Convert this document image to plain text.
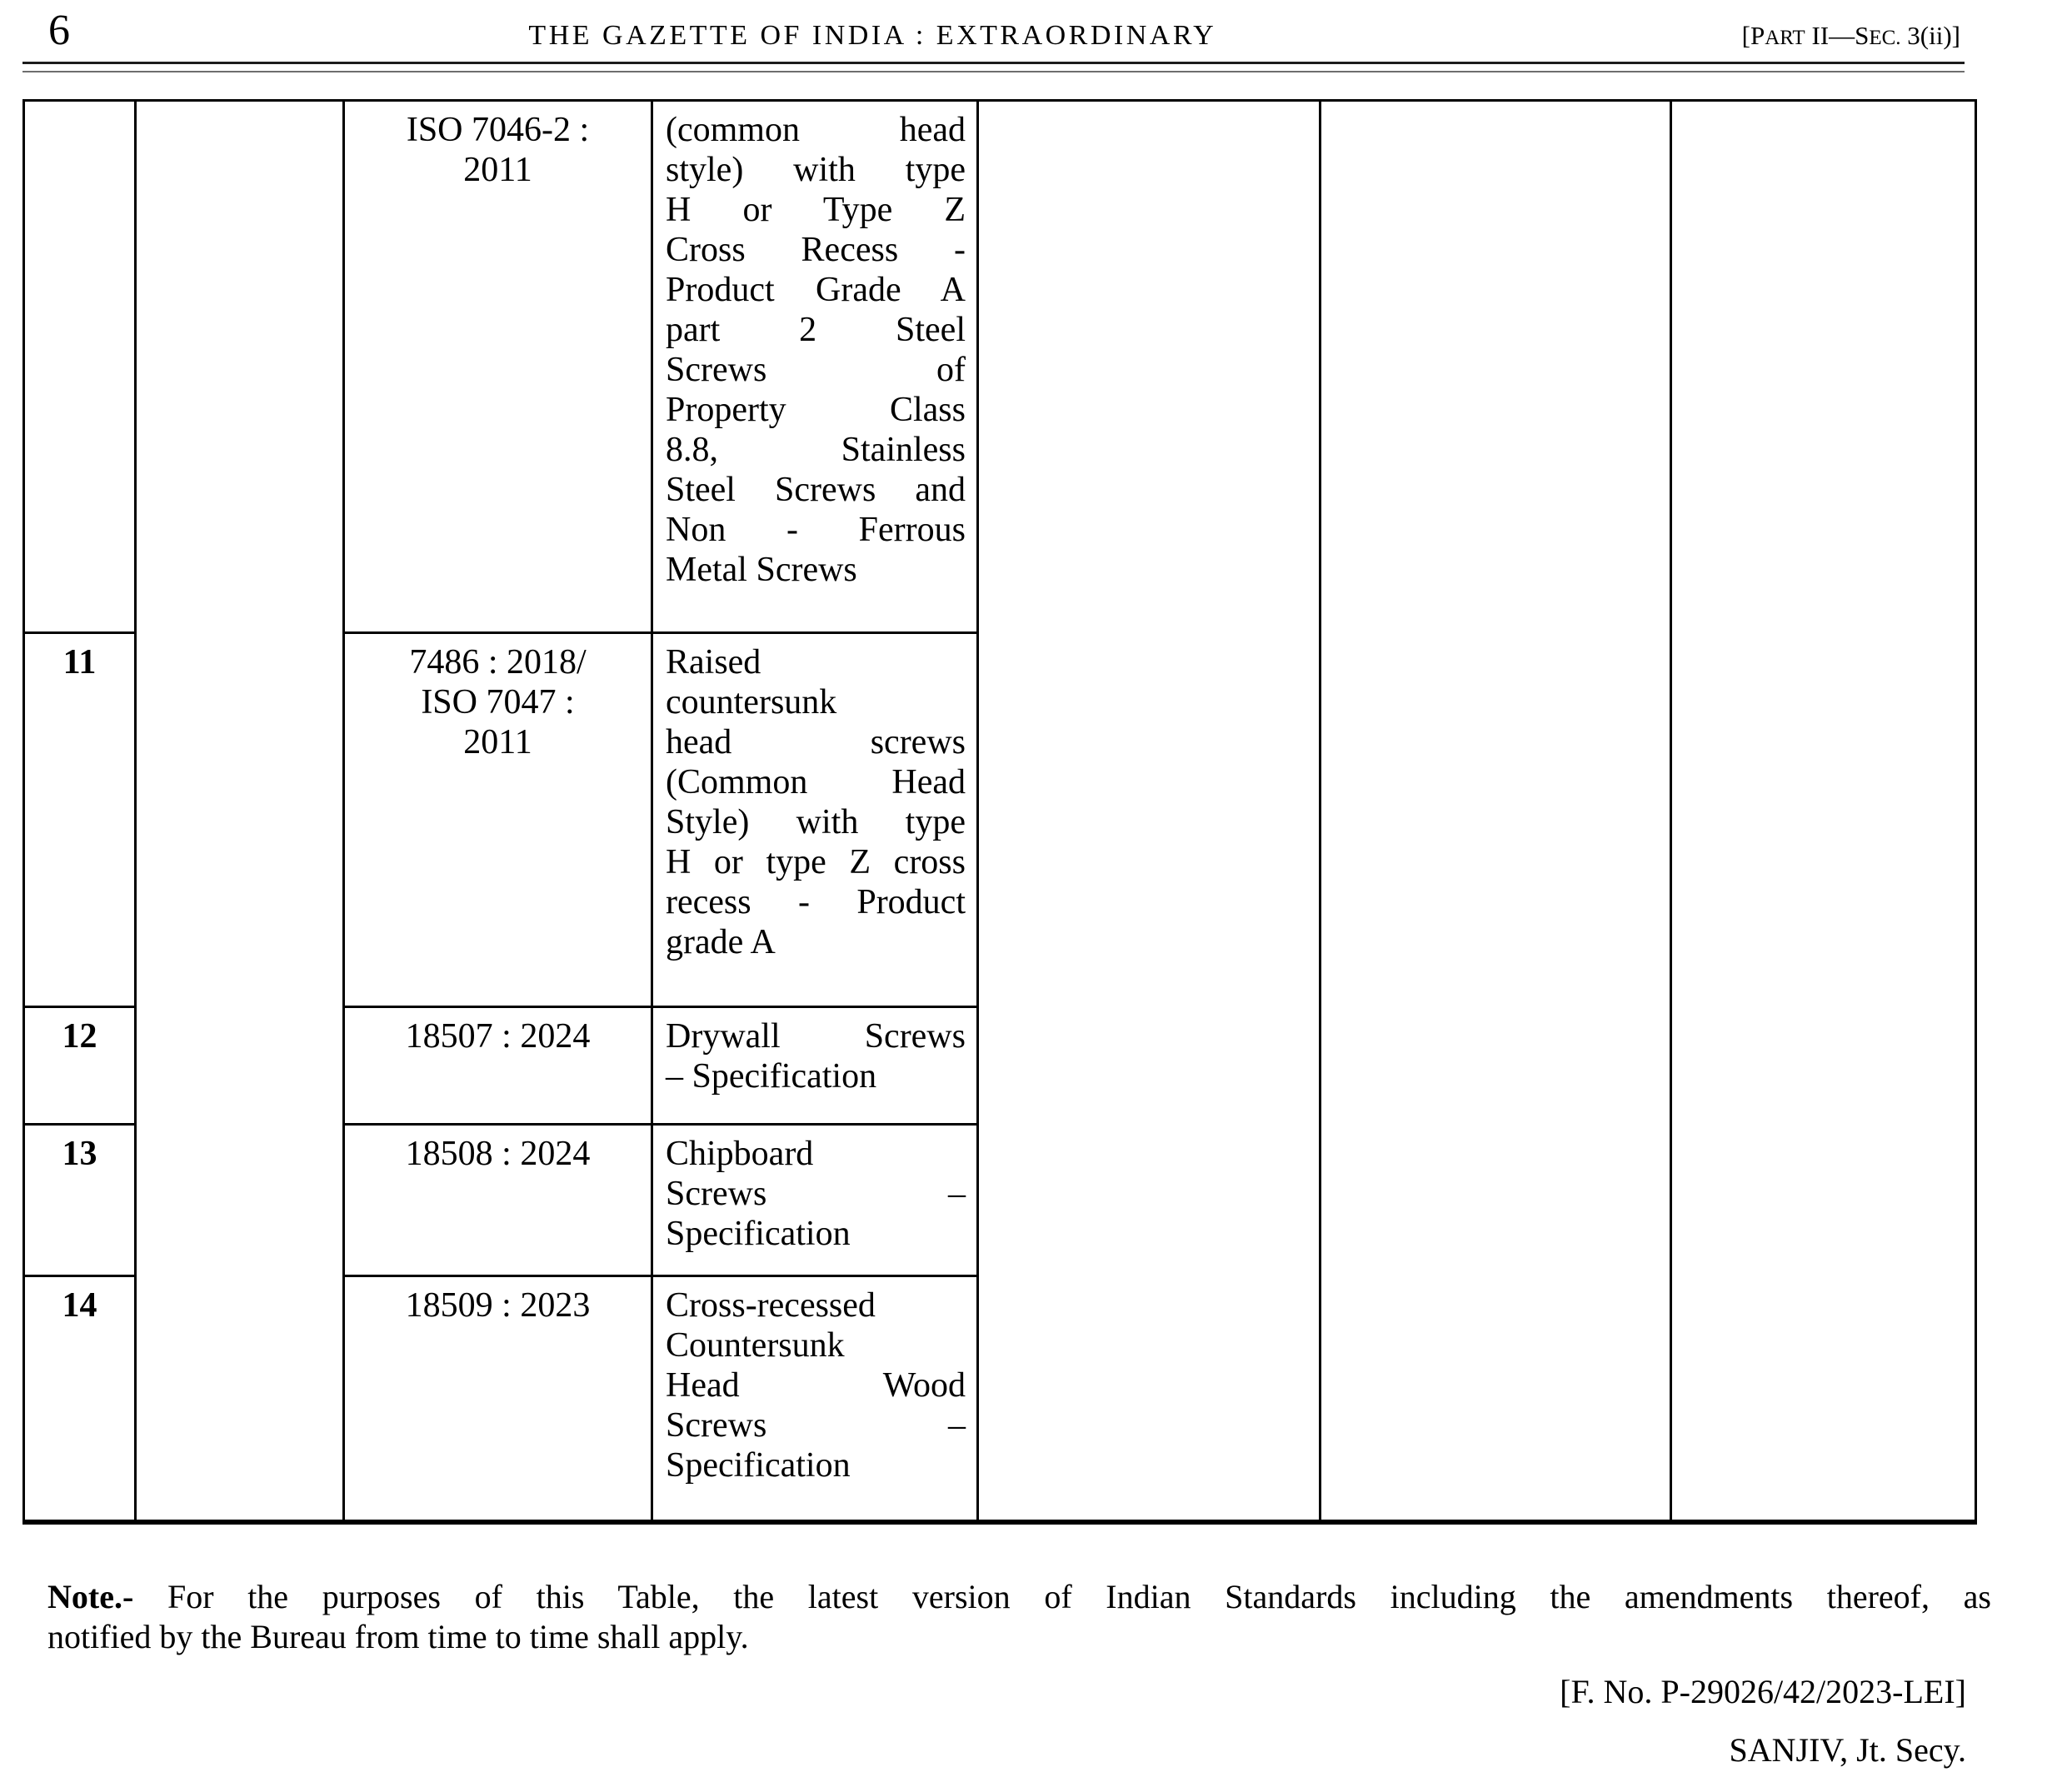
6	THE GAZETTE OF INDIA : EXTRAORDINARY	[PART II—SEC. 3(ii)]
11
12
13
14
ISO 7046-2 :
2011
7486 : 2018/
ISO 7047 :
2011
18507 : 2024
18508 : 2024
18509 : 2023
(common head
style) with type
H or Type Z
Cross Recess -
Product Grade A
part 2 Steel
Screws of
Property Class
8.8, Stainless
Steel Screws and
Non - Ferrous
Metal Screws
Raised
countersunk
head screws
(Common Head
Style) with type
H or type Z cross
recess - Product
grade A
Drywall Screws
– Specification
Chipboard
Screws –
Specification
Cross-recessed
Countersunk
Head Wood
Screws –
Specification
Note.- For the purposes of this Table, the latest version of Indian Standards including the amendments thereof, as
notified by the Bureau from time to time shall apply.
[F. No. P-29026/42/2023-LEI]
SANJIV, Jt. Secy.
